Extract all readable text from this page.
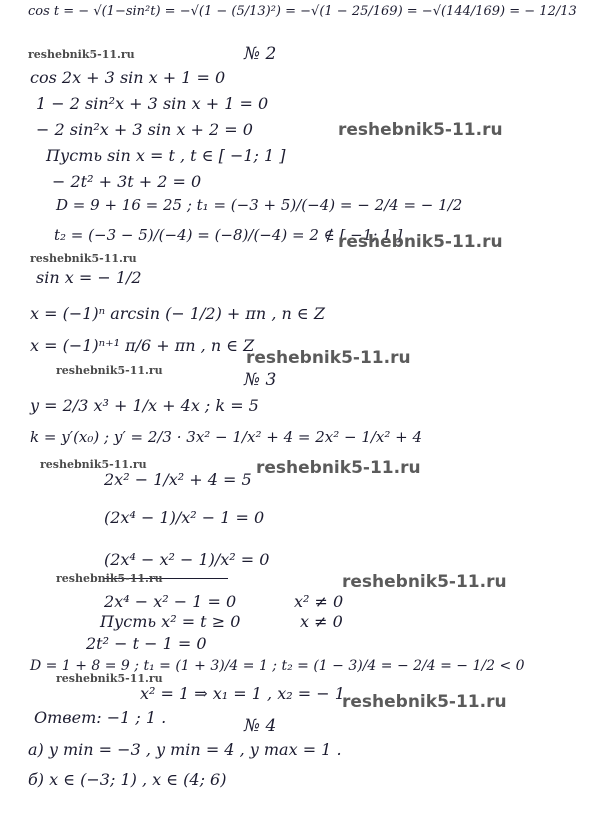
cos t = − √(1−sin²t) = −√(1 − (5/13)²) = −√(1 − 25/169) = −√(144/169) = − 12/13
№ 2
cos 2x + 3 sin x + 1 = 0
1 − 2 sin²x + 3 sin x + 1 = 0
− 2 sin²x + 3 sin x + 2 = 0
Пусть sin x = t , t ∈ [ −1; 1 ]
− 2t² + 3t + 2 = 0
D = 9 + 16 = 25 ; t₁ = (−3 + 5)/(−4) = − 2/4 = − 1/2
t₂ = (−3 − 5)/(−4) = (−8)/(−4) = 2 ∉ [ −1; 1 ]
sin x = − 1/2
x = (−1)ⁿ arcsin (− 1/2) + πn , n ∈ Z
x = (−1)ⁿ⁺¹ π/6 + πn , n ∈ Z
№ 3
y = 2/3 x³ + 1/x + 4x ; k = 5
k = y′(x₀) ; y′ = 2/3 · 3x² − 1/x² + 4 = 2x² − 1/x² + 4
2x² − 1/x² + 4 = 5
(2x⁴ − 1)/x² − 1 = 0
(2x⁴ − x² − 1)/x² = 0
2x⁴ − x² − 1 = 0	x² ≠ 0
Пусть x² = t ≥ 0	x ≠ 0
2t² − t − 1 = 0
D = 1 + 8 = 9 ; t₁ = (1 + 3)/4 = 1 ; t₂ = (1 − 3)/4 = − 2/4 = − 1/2 < 0
x² = 1 ⇒ x₁ = 1 , x₂ = − 1
Ответ: −1 ; 1 .	№ 4
а) y min = −3 , y min = 4 , y max = 1 .
б) x ∈ (−3; 1) , x ∈ (4; 6)
reshebnik5-11.ru
reshebnik5-11.ru
reshebnik5-11.ru
reshebnik5-11.ru
reshebnik5-11.ru
reshebnik5-11.ru
reshebnik5-11.ru
reshebnik5-11.ru
reshebnik5-11.ru
reshebnik5-11.ru
reshebnik5-11.ru
reshebnik5-11.ru
